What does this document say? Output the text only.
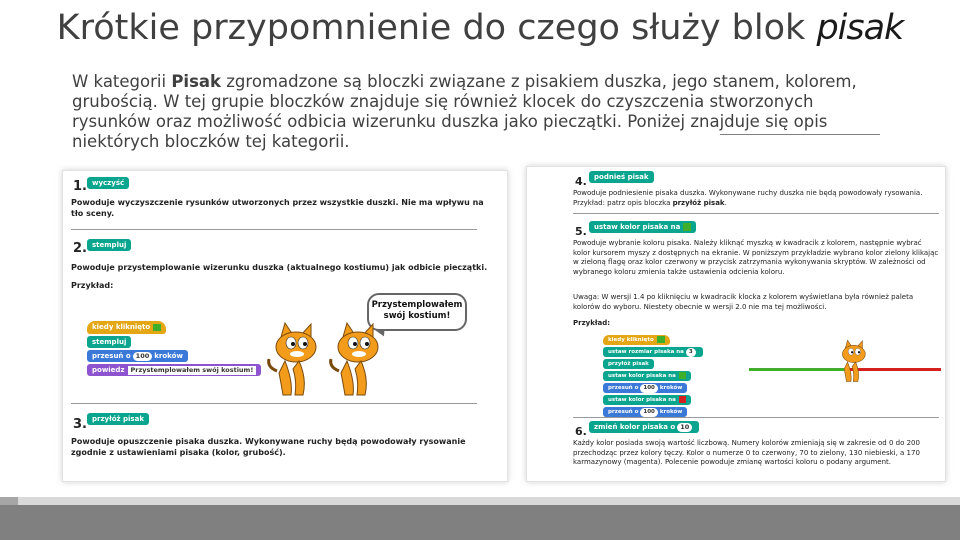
Krótkie przypomnienie do czego służy blok pisak
W kategorii Pisak zgromadzone są bloczki związane z pisakiem duszka, jego stanem, kolorem,
grubością. W tej grupie bloczków znajduje się również klocek do czyszczenia stworzonych
rysunków oraz możliwość odbicia wizerunku duszka jako pieczątki. Poniżej znajduje się opis
niektórych bloczków tej kategorii.
1. wyczyść
Powoduje wyczyszczenie rysunków utworzonych przez wszystkie duszki. Nie ma wpływu na tło sceny.
2. stempluj
Powoduje przystemplowanie wizerunku duszka (aktualnego kostiumu) jak odbicie pieczątki.
Przykład:
kiedy kliknięto
stempluj
przesuń o 100 kroków
powiedz Przystemplowałem swój kostium!
Przystemplowałem
swój kostium!
3. przyłóż pisak
Powoduje opuszczenie pisaka duszka. Wykonywane ruchy będą powodowały rysowanie zgodnie z ustawieniami pisaka (kolor, grubość).
4.	podnieś pisak
Powoduje podniesienie pisaka duszka. Wykonywane ruchy duszka nie będą powodowały rysowania. Przykład: patrz opis bloczka przyłóż pisak.
5.	ustaw kolor pisaka na
Powoduje wybranie koloru pisaka. Należy kliknąć myszką w kwadracik z kolorem, następnie wybrać kolor kursorem myszy z dostępnych na ekranie. W poniższym przykładzie wybrano kolor zielony klikając w zieloną flagę oraz kolor czerwony w przycisk zatrzymania wykonywania skryptów. W zależności od wybranego koloru zmienia także ustawienia odcienia koloru.
Uwaga: W wersji 1.4 po kliknięciu w kwadracik klocka z kolorem wyświetlana była również paleta kolorów do wyboru. Niestety obecnie w wersji 2.0 nie ma tej możliwości.
Przykład:
kiedy kliknięto
ustaw rozmiar pisaka na 3
przyłóż pisak
ustaw kolor pisaka na
przesuń o 100 kroków
ustaw kolor pisaka na
przesuń o 100 kroków
6.	zmień kolor pisaka o 10
Każdy kolor posiada swoją wartość liczbową. Numery kolorów zmieniają się w zakresie od 0 do 200 przechodząc przez kolory tęczy. Kolor o numerze 0 to czerwony, 70 to zielony, 130 niebieski, a 170 karmazynowy (magenta). Polecenie powoduje zmianę wartości koloru o podany argument.
